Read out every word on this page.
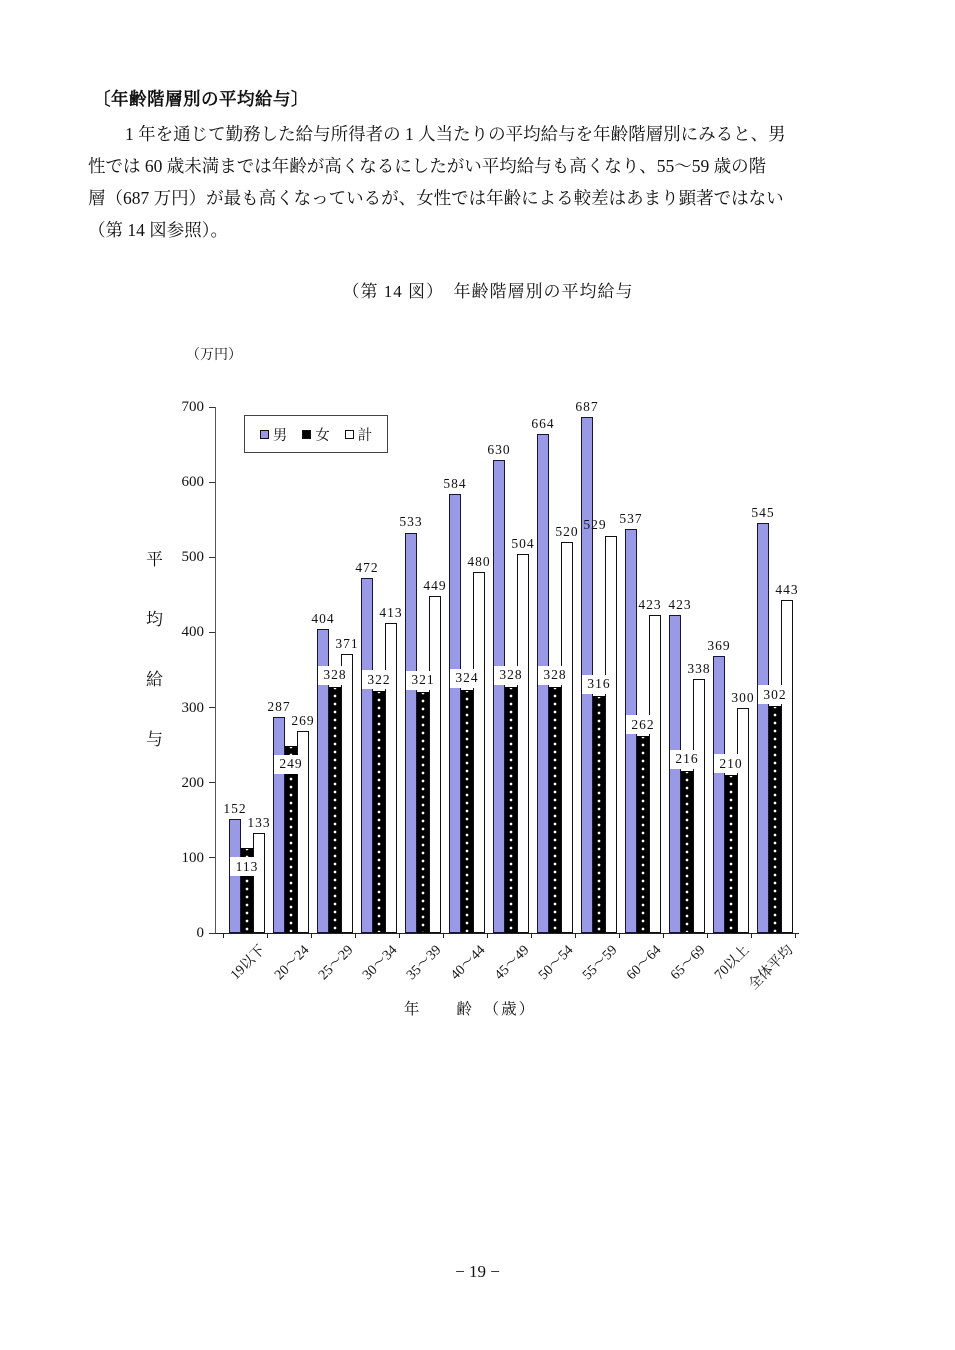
〔年齢階層別の平均給与〕
1 年を通じて勤務した給与所得者の 1 人当たりの平均給与を年齢階層別にみると、男
性では 60 歳未満までは年齢が高くなるにしたがい平均給与も高くなり、55〜59 歳の階
層（687 万円）が最も高くなっているが、女性では年齢による較差はあまり顕著ではない
（第 14 図参照）。
（第 14 図）　年齢階層別の平均給与
（万円）
平
均
給
与
男 女 計
0
100
200
300
400
500
600
700
152
133
113
19以下
287
269
249
20〜24
404
371
328
25〜29
472
413
322
30〜34
533
449
321
35〜39
584
480
324
40〜44
630
504
328
45〜49
664
520
328
50〜54
687
529
316
55〜59
537
423
262
60〜64
423
338
216
65〜69
369
300
210
70以上
545
443
302
全体平均
年　　齢　（歳）
− 19 −
